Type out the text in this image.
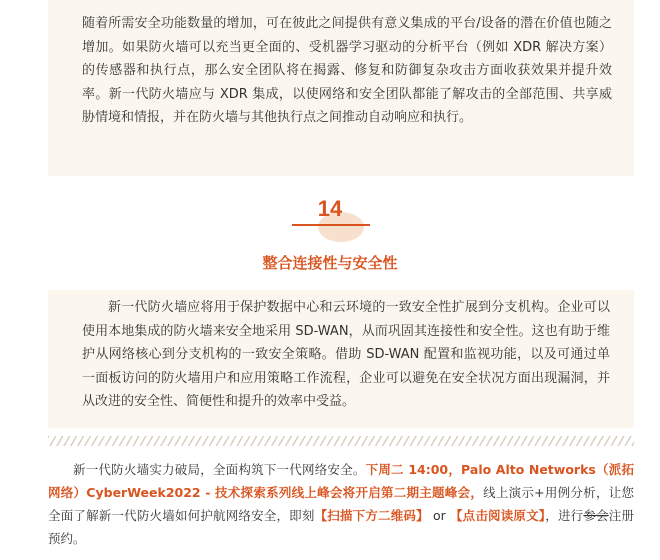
随着所需安全功能数量的增加，可在彼此之间提供有意义集成的平台/设备的潜在价值也随之增加。如果防火墙可以充当更全面的、受机器学习驱动的分析平台（例如 XDR 解决方案）的传感器和执行点，那么安全团队将在揭露、修复和防御复杂攻击方面收获效果并提升效率。新一代防火墙应与 XDR 集成，以使网络和安全团队都能了解攻击的全部范围、共享威胁情境和情报，并在防火墙与其他执行点之间推动自动响应和执行。

14
整合连接性与安全性

新一代防火墙应将用于保护数据中心和云环境的一致安全性扩展到分支机构。企业可以使用本地集成的防火墙来安全地采用 SD-WAN，从而巩固其连接性和安全性。这也有助于维护从网络核心到分支机构的一致安全策略。借助 SD-WAN 配置和监视功能，以及可通过单一面板访问的防火墙用户和应用策略工作流程，企业可以避免在安全状况方面出现漏洞，并从改进的安全性、简便性和提升的效率中受益。

新一代防火墙实力破局，全面构筑下一代网络安全。下周二 14:00，Palo Alto Networks（派拓网络）CyberWeek2022 - 技术探索系列线上峰会将开启第二期主题峰会，线上演示+用例分析，让您全面了解新一代防火墙如何护航网络安全，即刻【扫描下方二维码】 or 【点击阅读原文】，进行参会注册预约。
